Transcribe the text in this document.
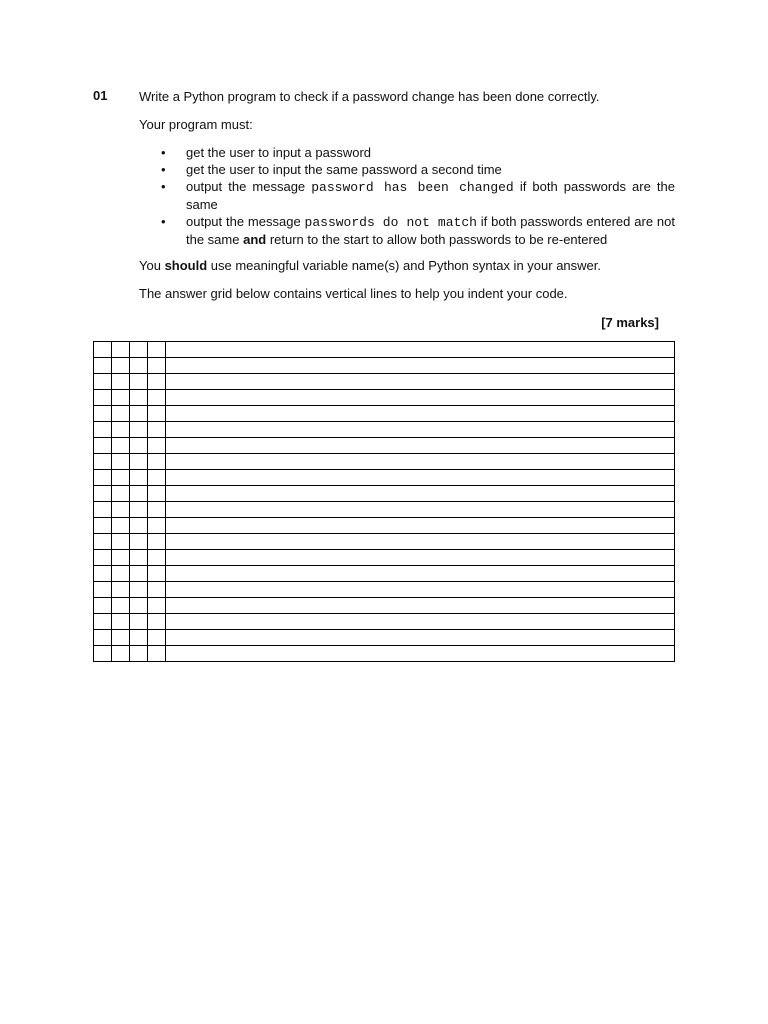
01 Write a Python program to check if a password change has been done correctly.

Your program must:

• get the user to input a password
• get the user to input the same password a second time
• output the message password has been changed if both passwords are the same
• output the message passwords do not match if both passwords entered are not the same and return to the start to allow both passwords to be re-entered

You should use meaningful variable name(s) and Python syntax in your answer.

The answer grid below contains vertical lines to help you indent your code.

[7 marks]
